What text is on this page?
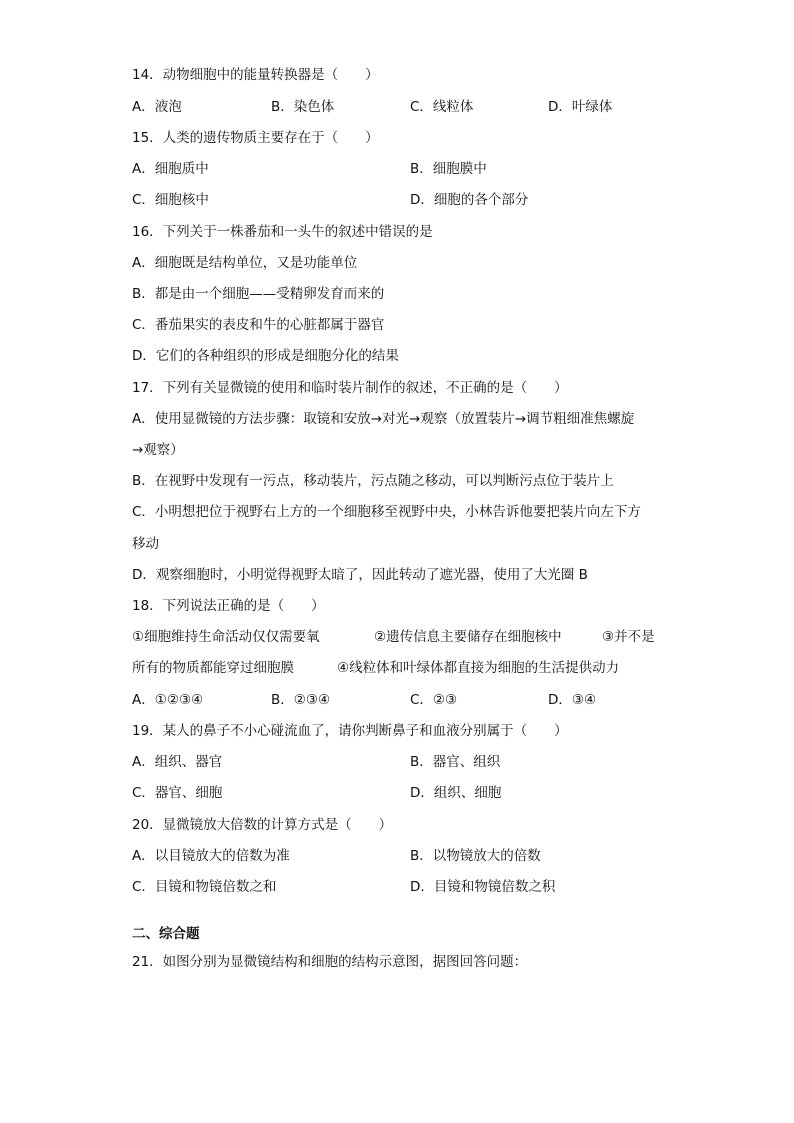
14．动物细胞中的能量转换器是（　　）
A．液泡	B．染色体	C．线粒体	D．叶绿体
15．人类的遗传物质主要存在于（　　）
A．细胞质中	B．细胞膜中
C．细胞核中	D．细胞的各个部分
16．下列关于一株番茄和一头牛的叙述中错误的是
A．细胞既是结构单位，又是功能单位
B．都是由一个细胞——受精卵发育而来的
C．番茄果实的表皮和牛的心脏都属于器官
D．它们的各种组织的形成是细胞分化的结果
17．下列有关显微镜的使用和临时装片制作的叙述，不正确的是（　　）
A．使用显微镜的方法步骤：取镜和安放→对光→观察（放置装片→调节粗细准焦螺旋
→观察）
B．在视野中发现有一污点，移动装片，污点随之移动，可以判断污点位于装片上
C．小明想把位于视野右上方的一个细胞移至视野中央，小林告诉他要把装片向左下方
移动
D．观察细胞时，小明觉得视野太暗了，因此转动了遮光器，使用了大光圈 B
18．下列说法正确的是（　　）
①细胞维持生命活动仅仅需要氧	②遗传信息主要储存在细胞核中	③并不是
所有的物质都能穿过细胞膜	④线粒体和叶绿体都直接为细胞的生活提供动力
A．①②③④	B．②③④	C．②③	D．③④
19．某人的鼻子不小心碰流血了，请你判断鼻子和血液分别属于（　　）
A．组织、器官	B．器官、组织
C．器官、细胞	D．组织、细胞
20．显微镜放大倍数的计算方式是（　　）
A．以目镜放大的倍数为准	B．以物镜放大的倍数
C．目镜和物镜倍数之和	D．目镜和物镜倍数之积
二、综合题
21．如图分别为显微镜结构和细胞的结构示意图，据图回答问题：
